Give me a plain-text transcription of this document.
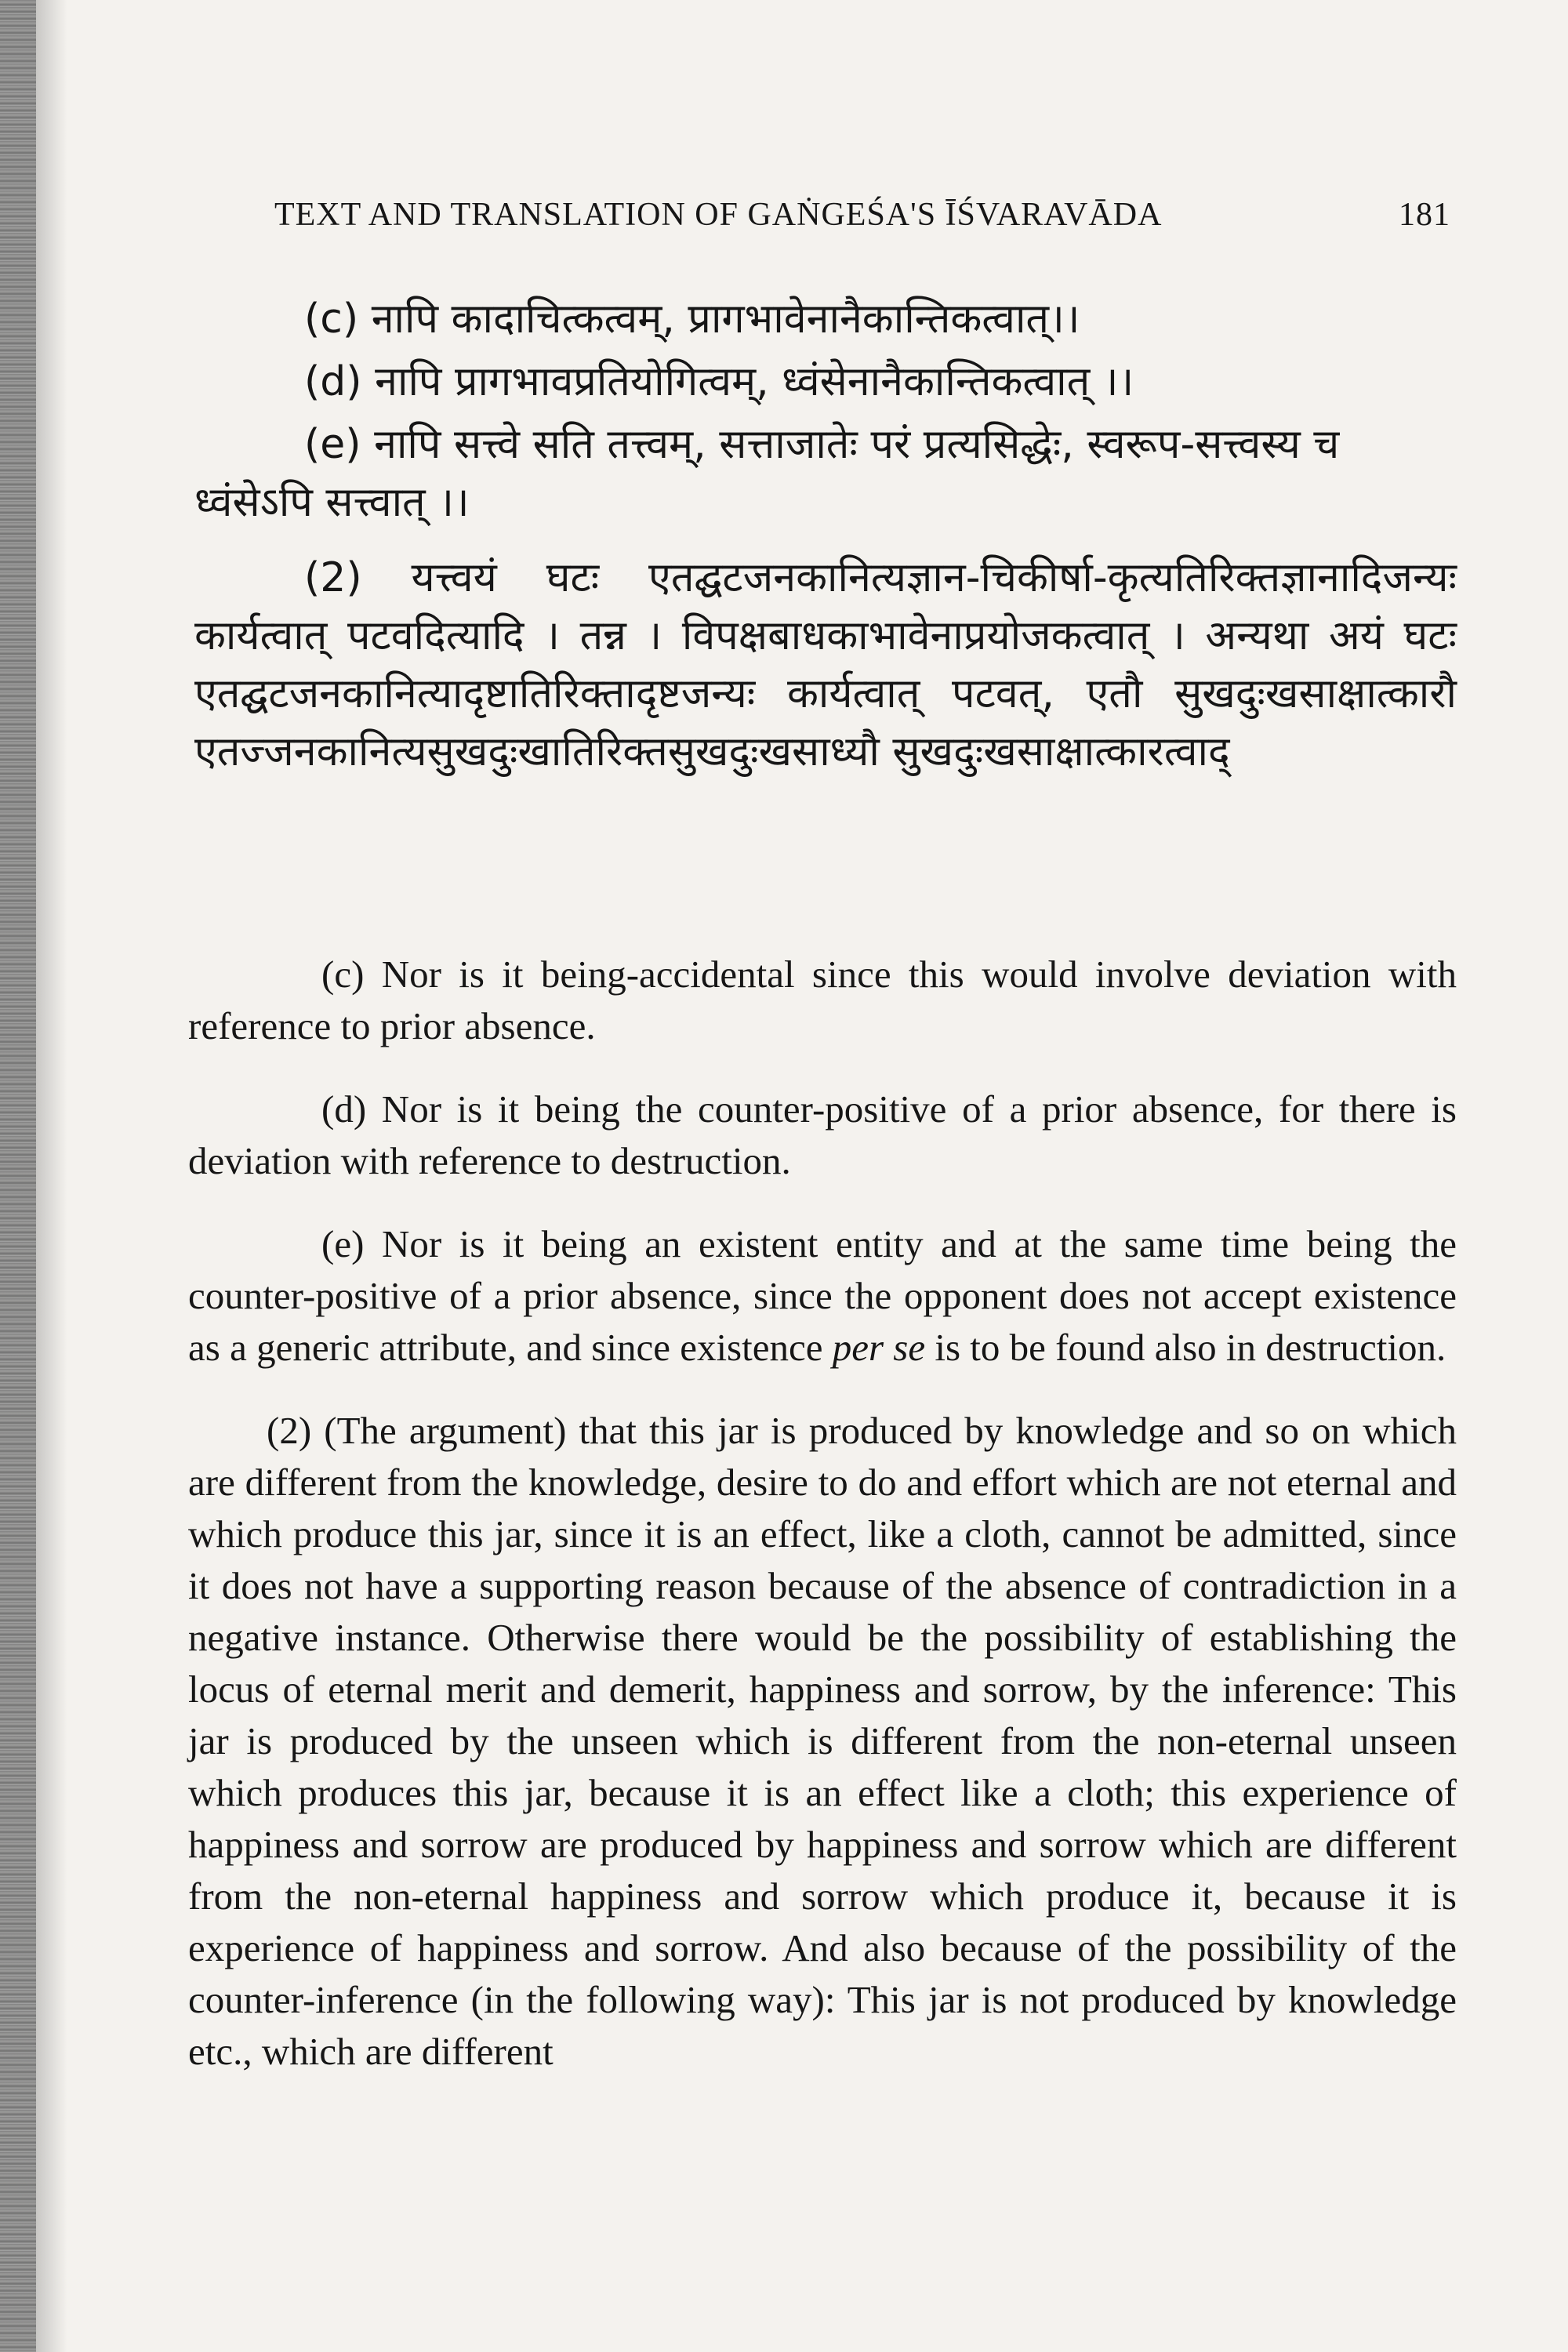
TEXT AND TRANSLATION OF GAṄGEŚA'S ĪŚVARAVĀDA	181

(c) नापि कादाचित्कत्वम्, प्रागभावेनानैकान्तिकत्वात्।।

(d) नापि प्रागभावप्रतियोगित्वम्, ध्वंसेनानैकान्तिकत्वात् ।।

(e) नापि सत्त्वे सति तत्त्वम्, सत्ताजातेः परं प्रत्यसिद्धेः, स्वरूप-सत्त्वस्य च ध्वंसेऽपि सत्त्वात् ।।

(2) यत्त्वयं घटः एतद्घटजनकानित्यज्ञान-चिकीर्षा-कृत्यतिरिक्तज्ञानादिजन्यः कार्यत्वात् पटवदित्यादि । तन्न । विपक्षबाधकाभावेनाप्रयोजकत्वात् । अन्यथा अयं घटः एतद्घटजनकानित्यादृष्टातिरिक्तादृष्टजन्यः कार्यत्वात् पटवत्, एतौ सुखदुःखसाक्षात्कारौ एतज्जनकानित्यसुखदुःखातिरिक्तसुखदुःखसाध्यौ सुखदुःखसाक्षात्कारत्वाद्

(c) Nor is it being-accidental since this would involve deviation with reference to prior absence.

(d) Nor is it being the counter-positive of a prior absence, for there is deviation with reference to destruction.

(e) Nor is it being an existent entity and at the same time being the counter-positive of a prior absence, since the opponent does not accept existence as a generic attribute, and since existence per se is to be found also in destruction.

(2) (The argument) that this jar is produced by knowledge and so on which are different from the knowledge, desire to do and effort which are not eternal and which produce this jar, since it is an effect, like a cloth, cannot be admitted, since it does not have a supporting reason because of the absence of contradiction in a negative instance. Otherwise there would be the possibility of establishing the locus of eternal merit and demerit, happiness and sorrow, by the inference: This jar is produced by the unseen which is different from the non-eternal unseen which produces this jar, because it is an effect like a cloth; this experience of happiness and sorrow are produced by happiness and sorrow which are different from the non-eternal happiness and sorrow which produce it, because it is experience of happiness and sorrow. And also because of the possibility of the counter-inference (in the following way): This jar is not produced by knowledge etc., which are different
